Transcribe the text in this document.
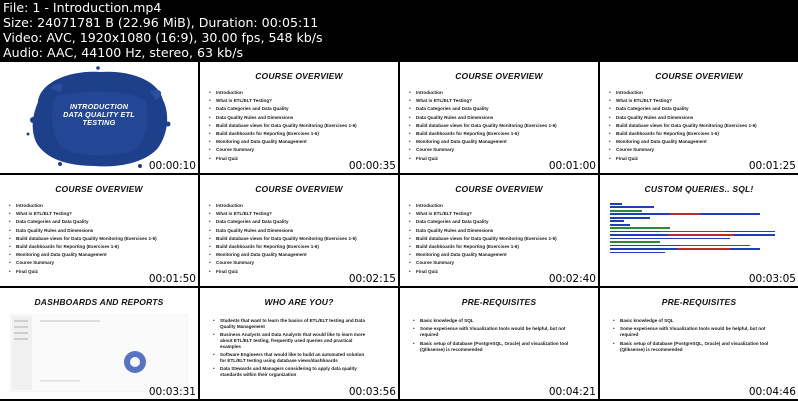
File: 1 - Introduction.mp4
Size: 24071781 B (22.96 MiB), Duration: 00:05:11
Video: AVC, 1920x1080 (16:9), 30.00 fps, 548 kb/s
Audio: AAC, 44100 Hz, stereo, 63 kb/s
INTRODUCTION
DATA QUALITY ETL
TESTING
00:00:10
COURSE OVERVIEW
• Introduction
• What is ETL/ELT Testing?
• Data Categories and Data Quality
• Data Quality Rules and Dimensions
• Build database views for Data Quality Monitoring (Exercises 1-6)
• Build dashboards for Reporting (Exercises 1-6)
• Monitoring and Data Quality Management
• Course Summary
• Final Quiz
00:00:35
COURSE OVERVIEW
• Introduction
• What is ETL/ELT Testing?
• Data Categories and Data Quality
• Data Quality Rules and Dimensions
• Build database views for Data Quality Monitoring (Exercises 1-6)
• Build dashboards for Reporting (Exercises 1-6)
• Monitoring and Data Quality Management
• Course Summary
• Final Quiz
00:01:00
COURSE OVERVIEW
• Introduction
• What is ETL/ELT Testing?
• Data Categories and Data Quality
• Data Quality Rules and Dimensions
• Build database views for Data Quality Monitoring (Exercises 1-6)
• Build dashboards for Reporting (Exercises 1-6)
• Monitoring and Data Quality Management
• Course Summary
• Final Quiz
00:01:25
COURSE OVERVIEW
• Introduction
• What is ETL/ELT Testing?
• Data Categories and Data Quality
• Data Quality Rules and Dimensions
• Build database views for Data Quality Monitoring (Exercises 1-6)
• Build dashboards for Reporting (Exercises 1-6)
• Monitoring and Data Quality Management
• Course Summary
• Final Quiz
00:01:50
COURSE OVERVIEW
• Introduction
• What is ETL/ELT Testing?
• Data Categories and Data Quality
• Data Quality Rules and Dimensions
• Build database views for Data Quality Monitoring (Exercises 1-6)
• Build dashboards for Reporting (Exercises 1-6)
• Monitoring and Data Quality Management
• Course Summary
• Final Quiz
00:02:15
COURSE OVERVIEW
• Introduction
• What is ETL/ELT Testing?
• Data Categories and Data Quality
• Data Quality Rules and Dimensions
• Build database views for Data Quality Monitoring (Exercises 1-6)
• Build dashboards for Reporting (Exercises 1-6)
• Monitoring and Data Quality Management
• Course Summary
• Final Quiz
00:02:40
CUSTOM QUERIES.. SQL!
00:03:05
DASHBOARDS AND REPORTS
00:03:31
WHO ARE YOU?
• Students that want to learn the basics of ETL/ELT testing and Data Quality Management
• Business Analysts and Data Analysts that would like to learn more about ETL/ELT testing, frequently used queries and practical examples
• Software Engineers that would like to build an automated solution for ETL/ELT testing using database views/dashboards
• Data Stewards and Managers considering to apply data quality standards within their organization
00:03:56
PRE-REQUISITES
• Basic knowledge of SQL
• Some experience with Visualization tools would be helpful, but not required
• Basic setup of database (PostgreSQL, Oracle) and visualization tool (Qliksense) is recommended
00:04:21
PRE-REQUISITES
• Basic knowledge of SQL
• Some experience with Visualization tools would be helpful, but not required
• Basic setup of database (PostgreSQL, Oracle) and visualization tool (Qliksense) is recommended
00:04:46
